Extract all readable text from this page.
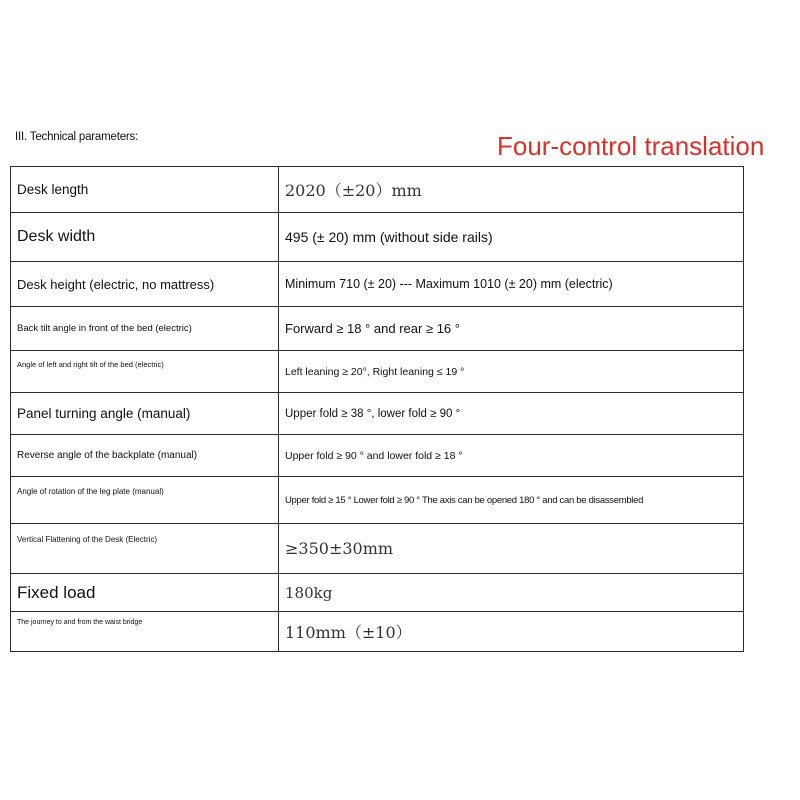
III. Technical parameters:	Four-control translation
Desk length	2020（±20）mm
Desk width	495 (± 20) mm (without side rails)
Desk height (electric, no mattress)	Minimum 710 (± 20) --- Maximum 1010 (± 20) mm (electric)
Back tilt angle in front of the bed (electric)	Forward ≥ 18 ° and rear ≥ 16 °
Angle of left and right tilt of the bed (electric)	Left leaning ≥ 20°, Right leaning ≤ 19 °
Panel turning angle (manual)	Upper fold ≥ 38 °, lower fold ≥ 90 °
Reverse angle of the backplate (manual)	Upper fold ≥ 90 ° and lower fold ≥ 18 °
Angle of rotation of the leg plate (manual)	Upper fold ≥ 15 ° Lower fold ≥ 90 ° The axis can be opened 180 ° and can be disassembled
Vertical Flattening of the Desk (Electric)	≥350±30mm
Fixed load	180kg
The journey to and from the waist bridge	110mm（±10）
